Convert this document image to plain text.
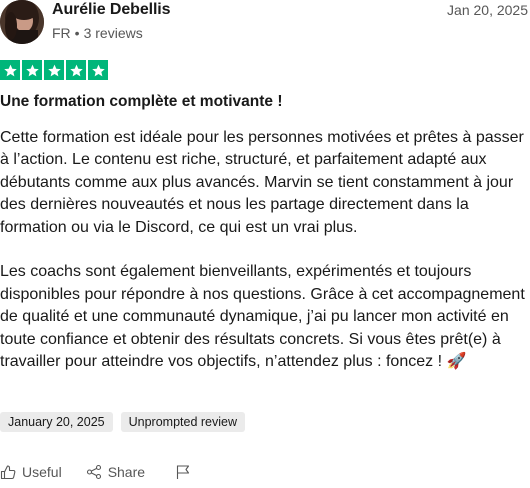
Aurélie Debellis
FR • 3 reviews
Jan 20, 2025
Une formation complète et motivante !

Cette formation est idéale pour les personnes motivées et prêtes à passer à l’action. Le contenu est riche, structuré, et parfaitement adapté aux débutants comme aux plus avancés. Marvin se tient constamment à jour des dernières nouveautés et nous les partage directement dans la formation ou via le Discord, ce qui est un vrai plus.

Les coachs sont également bienveillants, expérimentés et toujours disponibles pour répondre à nos questions. Grâce à cet accompagnement de qualité et une communauté dynamique, j’ai pu lancer mon activité en toute confiance et obtenir des résultats concrets. Si vous êtes prêt(e) à travailler pour atteindre vos objectifs, n’attendez plus : foncez ! 🚀

January 20, 2025	Unprompted review
Useful	Share
